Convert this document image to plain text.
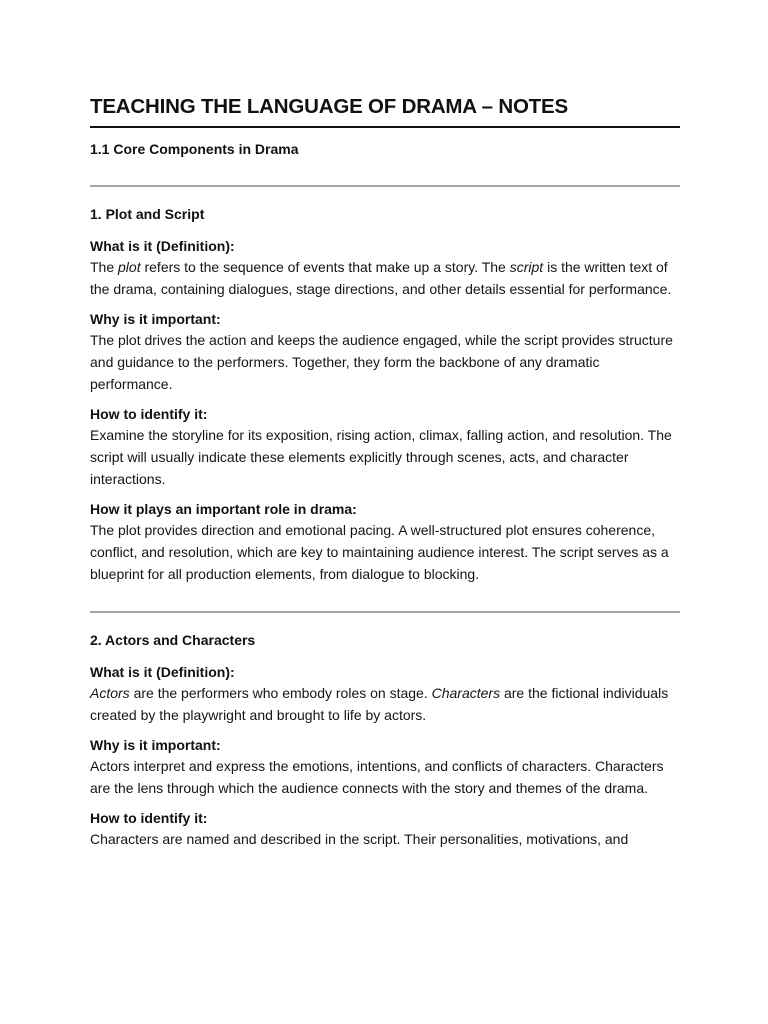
TEACHING THE LANGUAGE OF DRAMA – NOTES
1.1 Core Components in Drama
1. Plot and Script

What is it (Definition):

The plot refers to the sequence of events that make up a story. The script is the written text of the drama, containing dialogues, stage directions, and other details essential for performance.

Why is it important:

The plot drives the action and keeps the audience engaged, while the script provides structure and guidance to the performers. Together, they form the backbone of any dramatic performance.

How to identify it:

Examine the storyline for its exposition, rising action, climax, falling action, and resolution. The script will usually indicate these elements explicitly through scenes, acts, and character interactions.

How it plays an important role in drama:

The plot provides direction and emotional pacing. A well-structured plot ensures coherence, conflict, and resolution, which are key to maintaining audience interest. The script serves as a blueprint for all production elements, from dialogue to blocking.

2. Actors and Characters

What is it (Definition):

Actors are the performers who embody roles on stage. Characters are the fictional individuals created by the playwright and brought to life by actors.

Why is it important:

Actors interpret and express the emotions, intentions, and conflicts of characters. Characters are the lens through which the audience connects with the story and themes of the drama.

How to identify it:

Characters are named and described in the script. Their personalities, motivations, and
